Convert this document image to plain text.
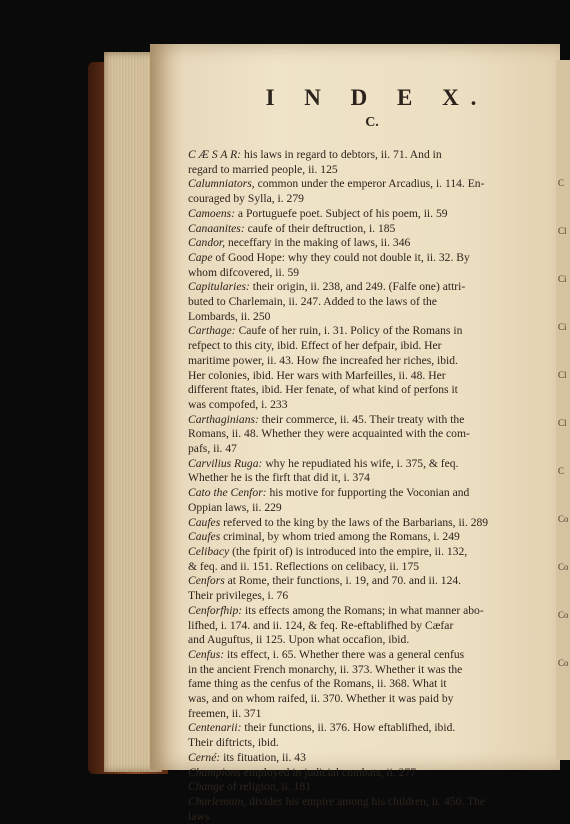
C
Cl
Ci
Ci
Cl
Cl
C
Co
Co
Co
Co
I N D E X.
C.
C Æ S A R: his laws in regard to debtors, ii. 71. And in
regard to married people, ii. 125
Calumniators, common under the emperor Arcadius, i. 114. En-
couraged by Sylla, i. 279
Camoens: a Portuguefe poet. Subject of his poem, ii. 59
Canaanites: caufe of their deftruction, i. 185
Candor, neceffary in the making of laws, ii. 346
Cape of Good Hope: why they could not double it, ii. 32. By
whom difcovered, ii. 59
Capitularies: their origin, ii. 238, and 249. (Falfe one) attri-
buted to Charlemain, ii. 247. Added to the laws of the
Lombards, ii. 250
Carthage: Caufe of her ruin, i. 31. Policy of the Romans in
refpect to this city, ibid. Effect of her defpair, ibid. Her
maritime power, ii. 43. How fhe increafed her riches, ibid.
Her colonies, ibid. Her wars with Marfeilles, ii. 48. Her
different ftates, ibid. Her fenate, of what kind of perfons it
was compofed, i. 233
Carthaginians: their commerce, ii. 45. Their treaty with the
Romans, ii. 48. Whether they were acquainted with the com-
pafs, ii. 47
Carvilius Ruga: why he repudiated his wife, i. 375, & feq.
Whether he is the firft that did it, i. 374
Cato the Cenfor: his motive for fupporting the Voconian and
Oppian laws, ii. 229
Caufes referved to the king by the laws of the Barbarians, ii. 289
Caufes criminal, by whom tried among the Romans, i. 249
Celibacy (the fpirit of) is introduced into the empire, ii. 132,
& feq. and ii. 151. Reflections on celibacy, ii. 175
Cenfors at Rome, their functions, i. 19, and 70. and ii. 124.
Their privileges, i. 76
Cenforfhip: its effects among the Romans; in what manner abo-
lifhed, i. 174. and ii. 124, & feq. Re-eftablifhed by Cæfar
and Auguftus, ii 125. Upon what occafion, ibid.
Cenfus: its effect, i. 65. Whether there was a general cenfus
in the ancient French monarchy, ii. 373. Whether it was the
fame thing as the cenfus of the Romans, ii. 368. What it
was, and on whom raifed, ii. 370. Whether it was paid by
freemen, ii. 371
Centenarii: their functions, ii. 376. How eftablifhed, ibid.
Their diftricts, ibid.
Cerné: its fituation, ii. 43
Champions employed in judicial combats, ii. 277
Change of religion, ii. 181
Charlemain, divides his empire among his children, ii. 450. The
laws
